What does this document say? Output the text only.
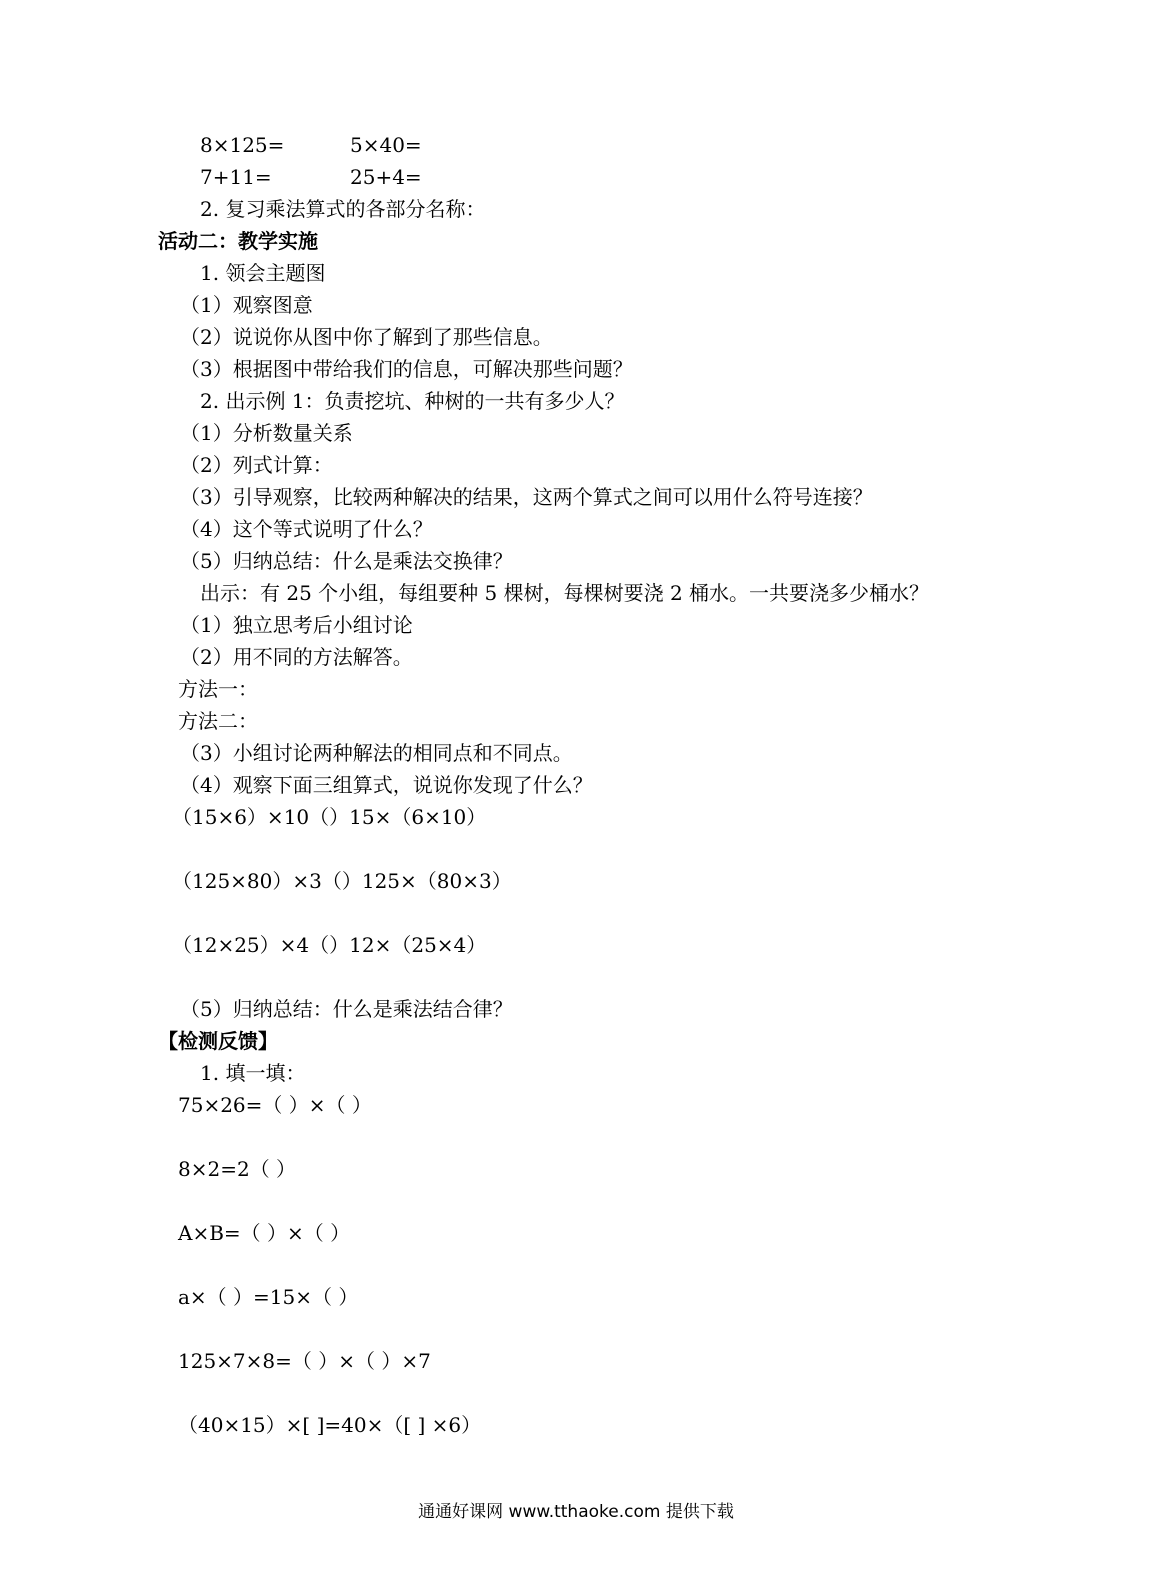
8×125=	5×40=
7+11=	25+4=
2. 复习乘法算式的各部分名称：
活动二：教学实施
1. 领会主题图
（1）观察图意
（2）说说你从图中你了解到了那些信息。
（3）根据图中带给我们的信息，可解决那些问题？
2. 出示例 1：负责挖坑、种树的一共有多少人？
（1）分析数量关系
（2）列式计算：
（3）引导观察，比较两种解决的结果，这两个算式之间可以用什么符号连接？
（4）这个等式说明了什么？
（5）归纳总结：什么是乘法交换律？
出示：有 25 个小组，每组要种 5 棵树，每棵树要浇 2 桶水。一共要浇多少桶水？
（1）独立思考后小组讨论
（2）用不同的方法解答。
方法一：
方法二：
（3）小组讨论两种解法的相同点和不同点。
（4）观察下面三组算式，说说你发现了什么？
（15×6）×10（）15×（6×10）
（125×80）×3（）125×（80×3）
（12×25）×4（）12×（25×4）
（5）归纳总结：什么是乘法结合律？
【检测反馈】
1. 填一填：
75×26=（ ）×（ ）
8×2=2（ ）
A×B=（ ）×（ ）
a×（ ）=15×（ ）
125×7×8=（ ）×（ ）×7
（40×15）×[ ]=40×（[ ] ×6）
通通好课网 www.tthaoke.com 提供下载
